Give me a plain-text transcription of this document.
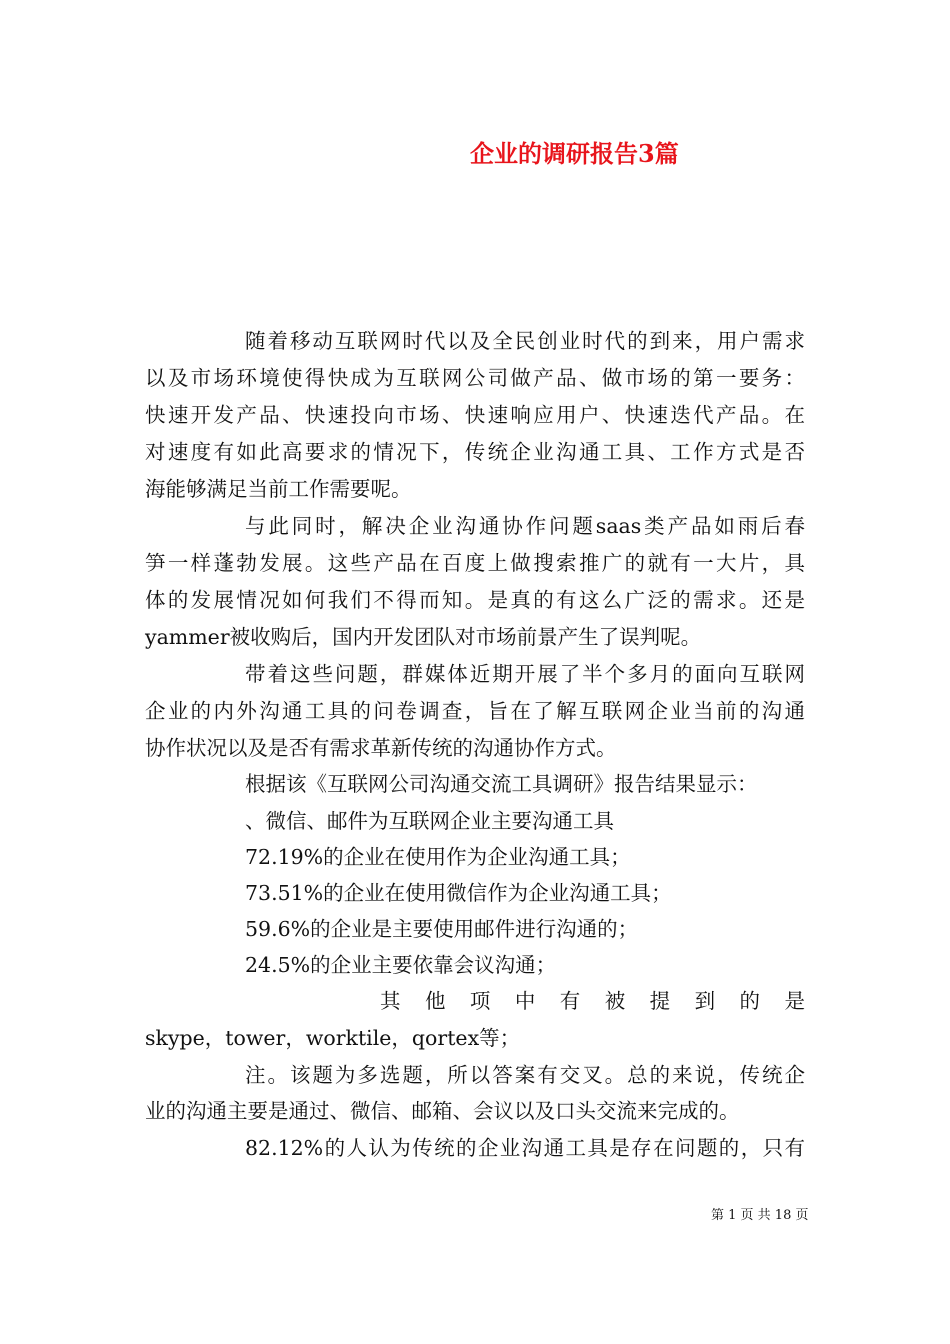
企业的调研报告3篇
随着移动互联网时代以及全民创业时代的到来，用户需求
以及市场环境使得快成为互联网公司做产品、做市场的第一要务：
快速开发产品、快速投向市场、快速响应用户、快速迭代产品。在
对速度有如此高要求的情况下，传统企业沟通工具、工作方式是否
海能够满足当前工作需要呢。
与此同时，解决企业沟通协作问题saas类产品如雨后春
笋一样蓬勃发展。这些产品在百度上做搜索推广的就有一大片，具
体的发展情况如何我们不得而知。是真的有这么广泛的需求。还是
yammer被收购后，国内开发团队对市场前景产生了误判呢。
带着这些问题，群媒体近期开展了半个多月的面向互联网
企业的内外沟通工具的问卷调查，旨在了解互联网企业当前的沟通
协作状况以及是否有需求革新传统的沟通协作方式。
根据该《互联网公司沟通交流工具调研》报告结果显示：
、微信、邮件为互联网企业主要沟通工具
72.19%的企业在使用作为企业沟通工具；
73.51%的企业在使用微信作为企业沟通工具；
59.6%的企业是主要使用邮件进行沟通的；
24.5%的企业主要依靠会议沟通；
其他项中有被提到的是
skype，tower，worktile，qortex等；
注。该题为多选题，所以答案有交叉。总的来说，传统企
业的沟通主要是通过、微信、邮箱、会议以及口头交流来完成的。
82.12%的人认为传统的企业沟通工具是存在问题的，只有
第 1 页 共 18 页
